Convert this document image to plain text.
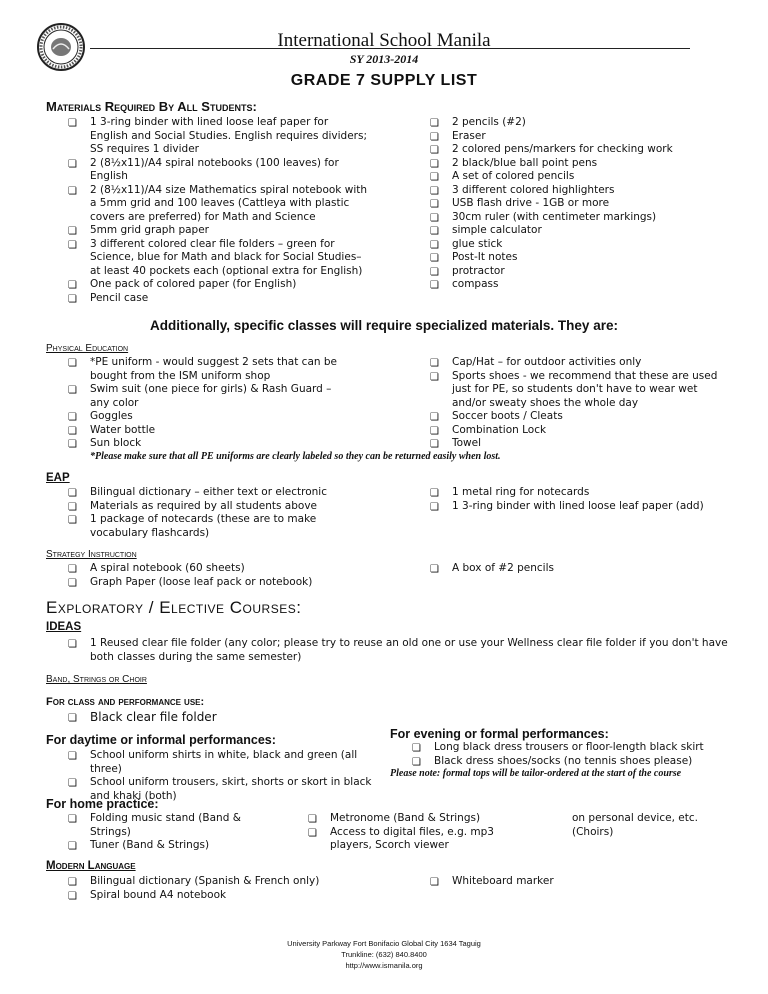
International School Manila
SY 2013-2014
GRADE 7 SUPPLY LIST
Materials Required By All Students:
❏ 1 3-ring binder with lined loose leaf paper for English and Social Studies. English requires dividers; SS requires 1 divider
❏ 2 (8½x11)/A4 spiral notebooks (100 leaves) for English
❏ 2 (8½x11)/A4 size Mathematics spiral notebook with a 5mm grid and 100 leaves (Cattleya with plastic covers are preferred) for Math and Science
❏ 5mm grid graph paper
❏ 3 different colored clear file folders – green for Science, blue for Math and black for Social Studies– at least 40 pockets each (optional extra for English)
❏ One pack of colored paper (for English)
❏ Pencil case
❏ 2 pencils (#2)
❏ Eraser
❏ 2 colored pens/markers for checking work
❏ 2 black/blue ball point pens
❏ A set of colored pencils
❏ 3 different colored highlighters
❏ USB flash drive - 1GB or more
❏ 30cm ruler (with centimeter markings)
❏ simple calculator
❏ glue stick
❏ Post-It notes
❏ protractor
❏ compass
Additionally, specific classes will require specialized materials. They are:
Physical Education
❏ *PE uniform - would suggest 2 sets that can be bought from the ISM uniform shop
❏ Swim suit (one piece for girls) & Rash Guard – any color
❏ Goggles
❏ Water bottle
❏ Sun block
❏ Cap/Hat – for outdoor activities only
❏ Sports shoes - we recommend that these are used just for PE, so students don't have to wear wet and/or sweaty shoes the whole day
❏ Soccer boots / Cleats
❏ Combination Lock
❏ Towel
*Please make sure that all PE uniforms are clearly labeled so they can be returned easily when lost.
EAP
❏ Bilingual dictionary – either text or electronic
❏ Materials as required by all students above
❏ 1 package of notecards (these are to make vocabulary flashcards)
❏ 1 metal ring for notecards
❏ 1 3-ring binder with lined loose leaf paper (add)
Strategy Instruction
❏ A spiral notebook (60 sheets)
❏ Graph Paper (loose leaf pack or notebook)
❏ A box of #2 pencils
Exploratory / Elective Courses:
IDEAS
❏ 1 Reused clear file folder (any color; please try to reuse an old one or use your Wellness clear file folder if you don't have both classes during the same semester)
Band, Strings or Choir
For class and performance use:
❏ Black clear file folder
For daytime or informal performances:
❏ School uniform shirts in white, black and green (all three)
❏ School uniform trousers, skirt, shorts or skort in black and khaki (both)
For evening or formal performances:
❏ Long black dress trousers or floor-length black skirt
❏ Black dress shoes/socks (no tennis shoes please)
Please note: formal tops will be tailor-ordered at the start of the course
For home practice:
❏ Folding music stand (Band & Strings)
❏ Tuner (Band & Strings)
❏ Metronome (Band & Strings)
❏ Access to digital files, e.g. mp3 players, Scorch viewer
on personal device, etc. (Choirs)
Modern Language
❏ Bilingual dictionary (Spanish & French only)
❏ Spiral bound A4 notebook
❏ Whiteboard marker
University Parkway Fort Bonifacio Global City 1634 Taguig
Trunkline: (632) 840.8400
http://www.ismanila.org
